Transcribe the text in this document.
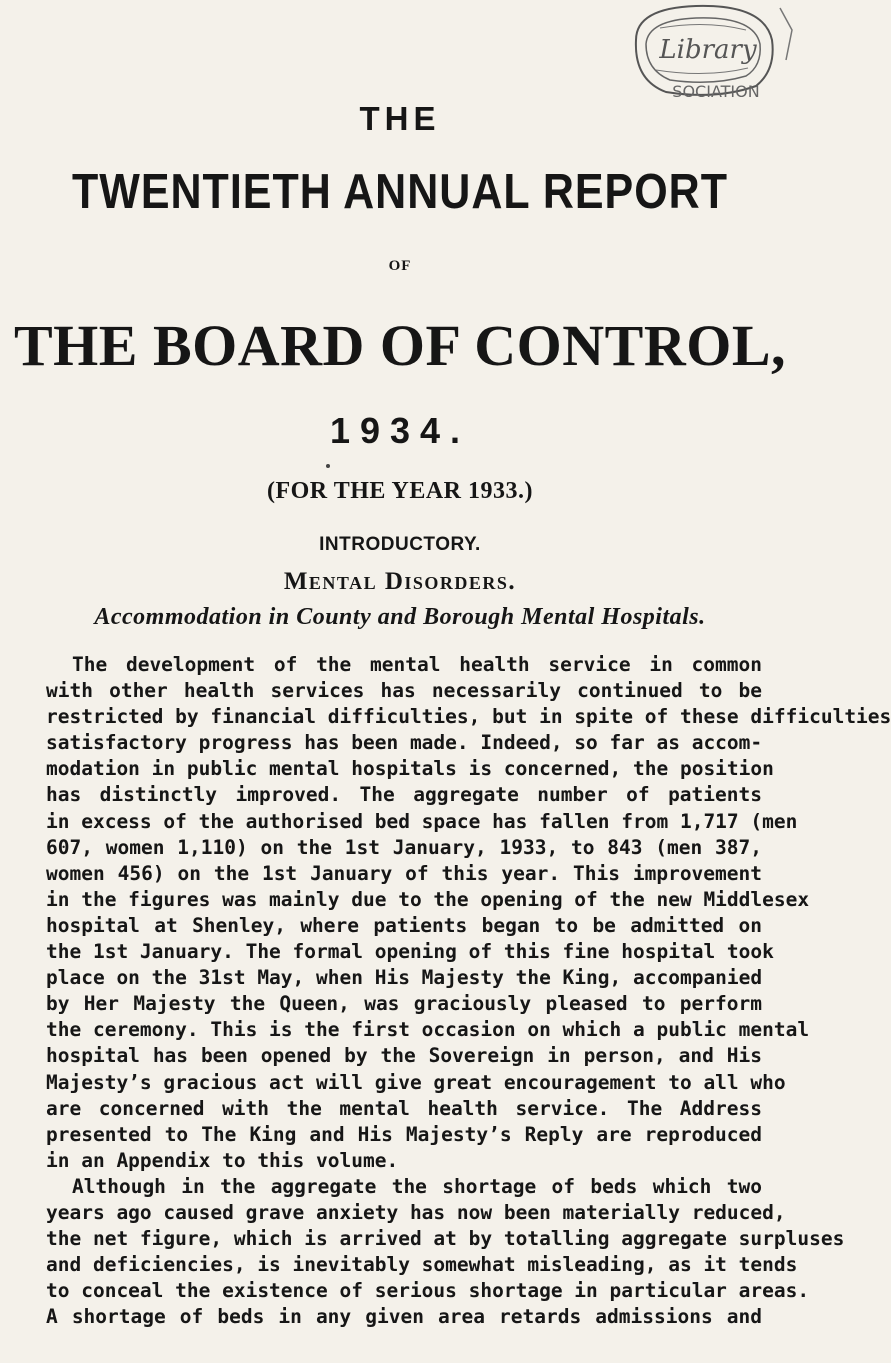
Library
SOCIATION
THE
TWENTIETH ANNUAL REPORT
OF
THE BOARD OF CONTROL,
1934.
(FOR THE YEAR 1933.)
INTRODUCTORY.
Mental Disorders.
Accommodation in County and Borough Mental Hospitals.
The development of the mental health service in common
with other health services has necessarily continued to be
restricted by financial difficulties, but in spite of these difficulties
satisfactory progress has been made. Indeed, so far as accom-
modation in public mental hospitals is concerned, the position
has distinctly improved. The aggregate number of patients
in excess of the authorised bed space has fallen from 1,717 (men
607, women 1,110) on the 1st January, 1933, to 843 (men 387,
women 456) on the 1st January of this year. This improvement
in the figures was mainly due to the opening of the new Middlesex
hospital at Shenley, where patients began to be admitted on
the 1st January. The formal opening of this fine hospital took
place on the 31st May, when His Majesty the King, accompanied
by Her Majesty the Queen, was graciously pleased to perform
the ceremony. This is the first occasion on which a public mental
hospital has been opened by the Sovereign in person, and His
Majesty’s gracious act will give great encouragement to all who
are concerned with the mental health service. The Address
presented to The King and His Majesty’s Reply are reproduced
in an Appendix to this volume.
Although in the aggregate the shortage of beds which two
years ago caused grave anxiety has now been materially reduced,
the net figure, which is arrived at by totalling aggregate surpluses
and deficiencies, is inevitably somewhat misleading, as it tends
to conceal the existence of serious shortage in particular areas.
A shortage of beds in any given area retards admissions and
